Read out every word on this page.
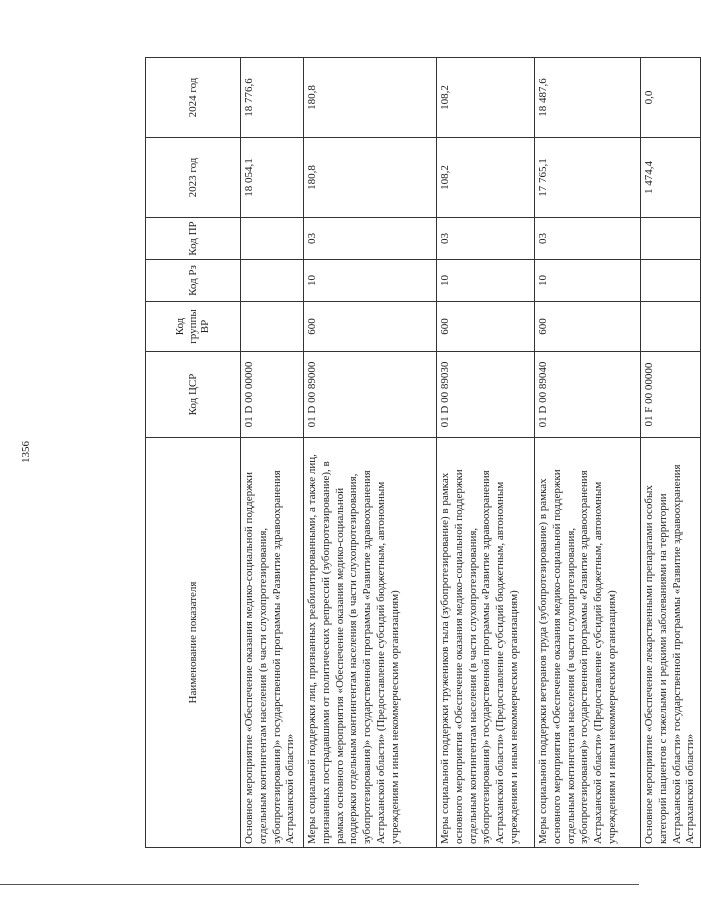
1356
Наименование показателя	Код ЦСР	Код группы ВР	Код Рз	Код ПР	2023 год	2024 год
Основное мероприятие «Обеспечение оказания медико-социальной поддержки отдельным контингентам населения (в части слухопротезирования, зубопротезирования)» государственной программы «Развитие здравоохранения Астраханской области»	01 D 00 00000				18 054,1	18 776,6
Меры социальной поддержки лиц, признанных реабилитированными, а также лиц, признанных пострадавшими от политических репрессий (зубопротезирование), в рамках основного мероприятия «Обеспечение оказания медико-социальной поддержки отдельным контингентам населения (в части слухопротезирования, зубопротезирования)» государственной программы «Развитие здравоохранения Астраханской области» (Предоставление субсидий бюджетным, автономным учреждениям и иным некоммерческим организациям)	01 D 00 89000	600	10	03	180,8	180,8
Меры социальной поддержки тружеников тыла (зубопротезирование) в рамках основного мероприятия «Обеспечение оказания медико-социальной поддержки отдельным контингентам населения (в части слухопротезирования, зубопротезирования)» государственной программы «Развитие здравоохранения Астраханской области» (Предоставление субсидий бюджетным, автономным учреждениям и иным некоммерческим организациям)	01 D 00 89030	600	10	03	108,2	108,2
Меры социальной поддержки ветеранов труда (зубопротезирование) в рамках основного мероприятия «Обеспечение оказания медико-социальной поддержки отдельным контингентам населения (в части слухопротезирования, зубопротезирования)» государственной программы «Развитие здравоохранения Астраханской области» (Предоставление субсидий бюджетным, автономным учреждениям и иным некоммерческим организациям)	01 D 00 89040	600	10	03	17 765,1	18 487,6
Основное мероприятие «Обеспечение лекарственными препаратами особых категорий пациентов с тяжелыми и редкими заболеваниями на территории Астраханской области» государственной программы «Развитие здравоохранения Астраханской области»	01 F 00 00000				1 474,4	0,0
